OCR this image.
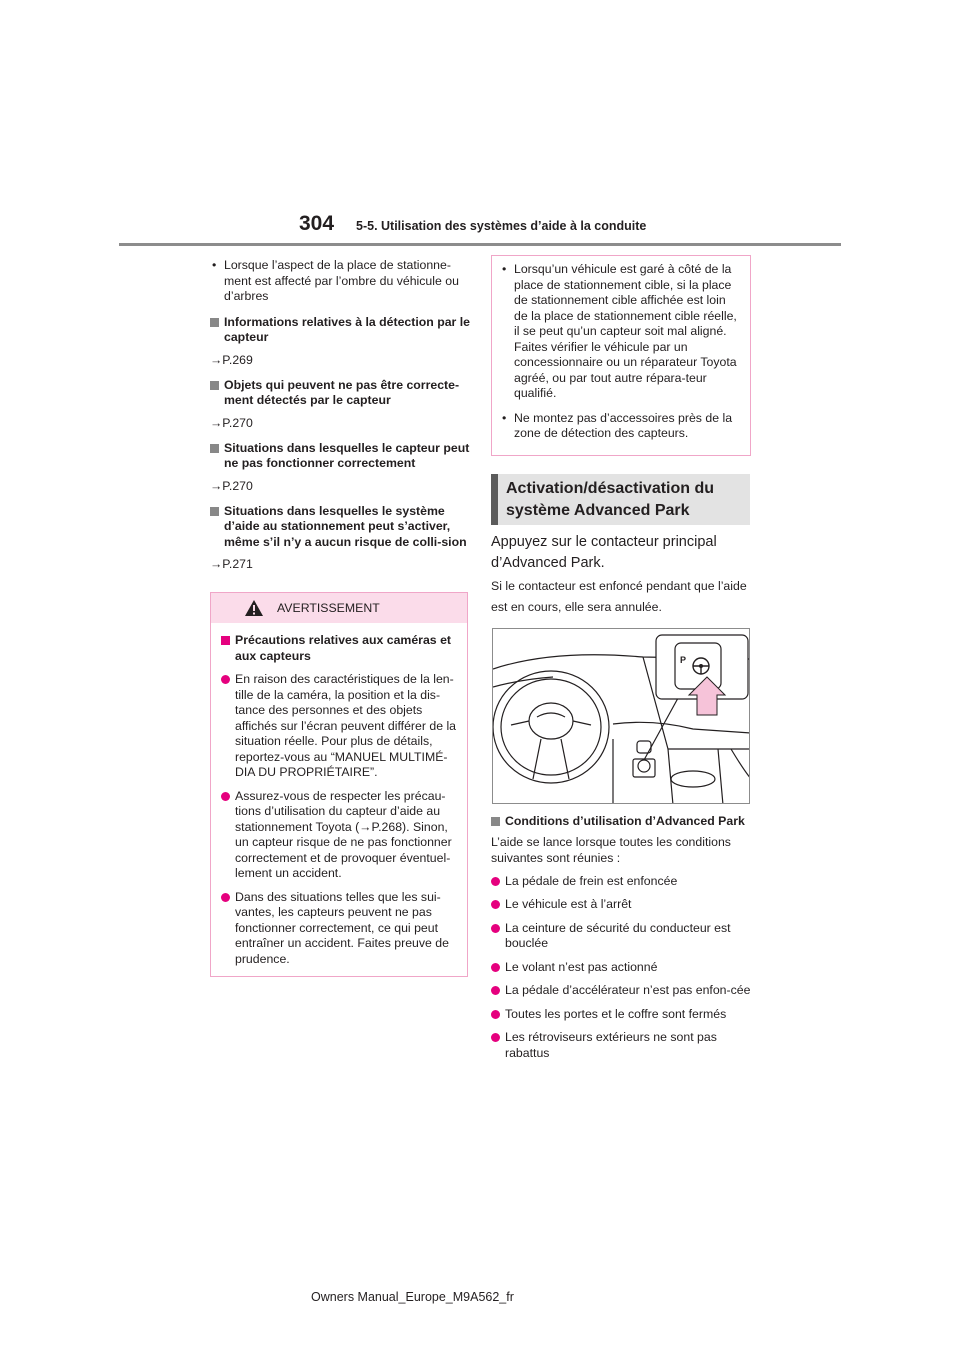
304 5-5. Utilisation des systèmes d’aide à la conduite
• Lorsque l’aspect de la place de stationne-ment est affecté par l’ombre du véhicule ou d’arbres
Informations relatives à la détection par le capteur
→P.269
Objets qui peuvent ne pas être correcte-ment détectés par le capteur
→P.270
Situations dans lesquelles le capteur peut ne pas fonctionner correctement
→P.270
Situations dans lesquelles le système d’aide au stationnement peut s’activer, même s’il n’y a aucun risque de colli-sion
→P.271
AVERTISSEMENT
Précautions relatives aux caméras et aux capteurs
En raison des caractéristiques de la len-tille de la caméra, la position et la dis-tance des personnes et des objets affichés sur l’écran peuvent différer de la situation réelle. Pour plus de détails, reportez-vous au “MANUEL MULTIMÉ-DIA DU PROPRIÉTAIRE”.
Assurez-vous de respecter les précau-tions d’utilisation du capteur d’aide au stationnement Toyota (→P.268). Sinon, un capteur risque de ne pas fonctionner correctement et de provoquer éventuel-lement un accident.
Dans des situations telles que les sui-vantes, les capteurs peuvent ne pas fonctionner correctement, ce qui peut entraîner un accident. Faites preuve de prudence.
• Lorsqu’un véhicule est garé à côté de la place de stationnement cible, si la place de stationnement cible affichée est loin de la place de stationnement cible réelle, il se peut qu’un capteur soit mal aligné. Faites vérifier le véhicule par un concessionnaire ou un réparateur Toyota agréé, ou par tout autre répara-teur qualifié.
• Ne montez pas d’accessoires près de la zone de détection des capteurs.
Activation/désactivation du système Advanced Park
Appuyez sur le contacteur principal d’Advanced Park.
Si le contacteur est enfoncé pendant que l’aide est en cours, elle sera annulée.
P
Conditions d’utilisation d’Advanced Park
L’aide se lance lorsque toutes les conditions suivantes sont réunies :
La pédale de frein est enfoncée
Le véhicule est à l’arrêt
La ceinture de sécurité du conducteur est bouclée
Le volant n’est pas actionné
La pédale d’accélérateur n’est pas enfon-cée
Toutes les portes et le coffre sont fermés
Les rétroviseurs extérieurs ne sont pas rabattus
Owners Manual_Europe_M9A562_fr
